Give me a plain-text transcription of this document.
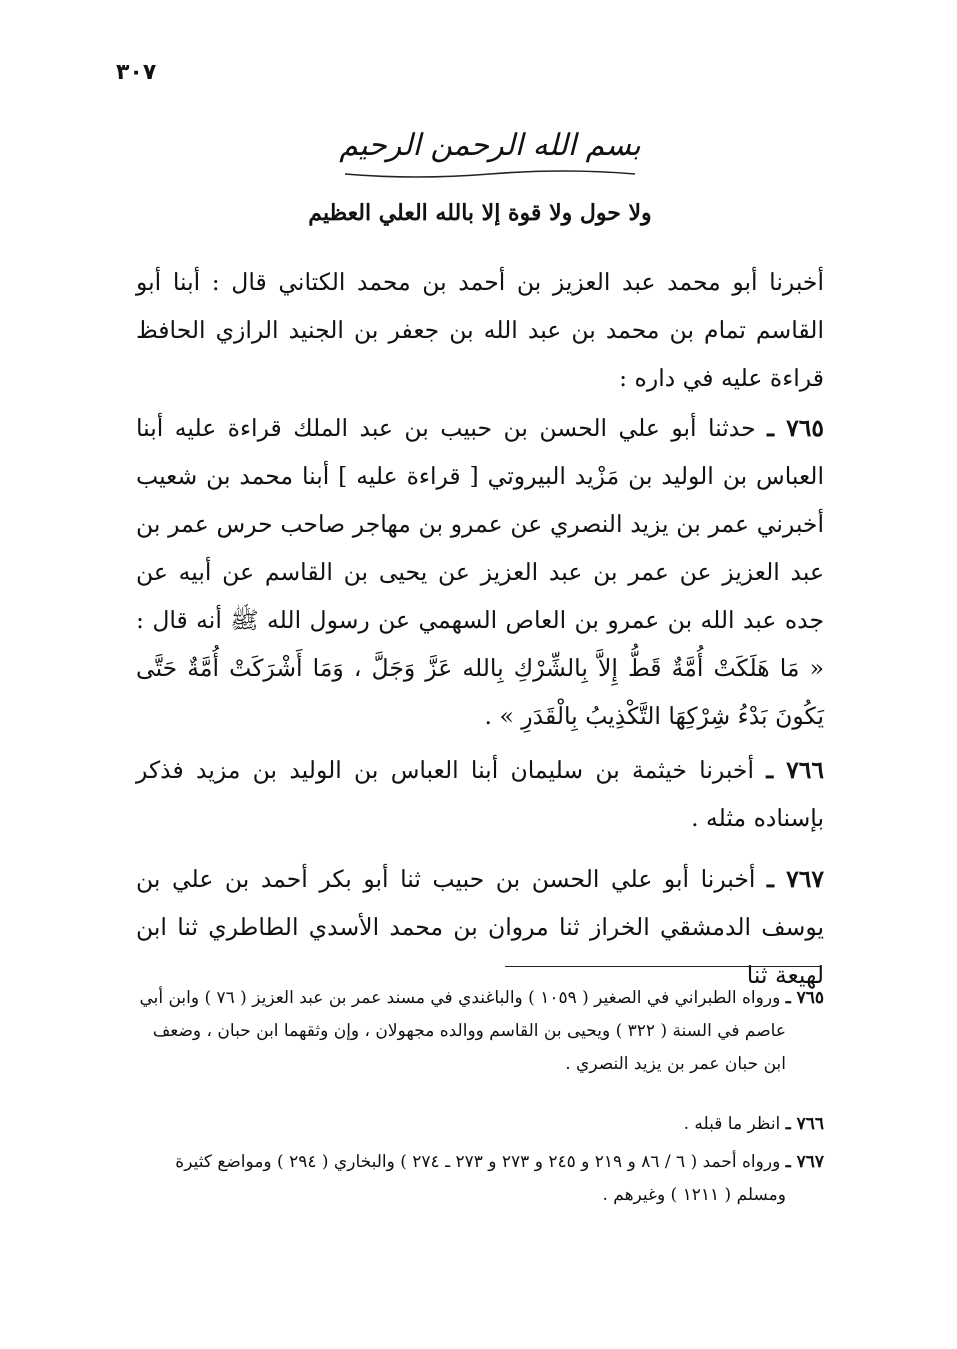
٣٠٧
بسم الله الرحمن الرحيم
ولا حول ولا قوة إلا بالله العلي العظيم

أخبرنا أبو محمد عبد العزيز بن أحمد بن محمد الكتاني قال : أبنا أبو القاسم تمام بن محمد بن عبد الله بن جعفر بن الجنيد الرازي الحافظ قراءة عليه في داره :

٧٦٥ ـ حدثنا أبو علي الحسن بن حبيب بن عبد الملك قراءة عليه أبنا العباس بن الوليد بن مَزْيد البيروتي [ قراءة عليه ] أبنا محمد بن شعيب أخبرني عمر بن يزيد النصري عن عمرو بن مهاجر صاحب حرس عمر بن عبد العزيز عن عمر بن عبد العزيز عن يحيى بن القاسم عن أبيه عن جده عبد الله بن عمرو بن العاص السهمي عن رسول الله ﷺ أنه قال : « مَا هَلَكَتْ أُمَّةٌ قَطُّ إِلاَّ بِالشِّرْكِ بِالله عَزَّ وَجَلَّ ، وَمَا أَشْرَكَتْ أُمَّةٌ حَتَّى يَكُونَ بَدْءُ شِرْكِهَا التَّكْذِيبُ بِالْقَدَرِ » .

٧٦٦ ـ أخبرنا خيثمة بن سليمان أبنا العباس بن الوليد بن مزيد فذكر بإسناده مثله .

٧٦٧ ـ أخبرنا أبو علي الحسن بن حبيب ثنا أبو بكر أحمد بن علي بن يوسف الدمشقي الخراز ثنا مروان بن محمد الأسدي الطاطري ثنا ابن لهيعة ثنا

٧٦٥ ـ ورواه الطبراني في الصغير ( ١٠٥٩ ) والباغندي في مسند عمر بن عبد العزيز ( ٧٦ ) وابن أبي

عاصم في السنة ( ٣٢٢ ) ويحيى بن القاسم ووالده مجهولان ، وإن وثقهما ابن حبان ، وضعف

ابن حبان عمر بن يزيد النصري .

٧٦٦ ـ انظر ما قبله .

٧٦٧ ـ ورواه أحمد ( ٦ / ٨٦ و ٢١٩ و ٢٤٥ و ٢٧٣ و ٢٧٣ ـ ٢٧٤ ) والبخاري ( ٢٩٤ ) ومواضع كثيرة

ومسلم ( ١٢١١ ) وغيرهم .
